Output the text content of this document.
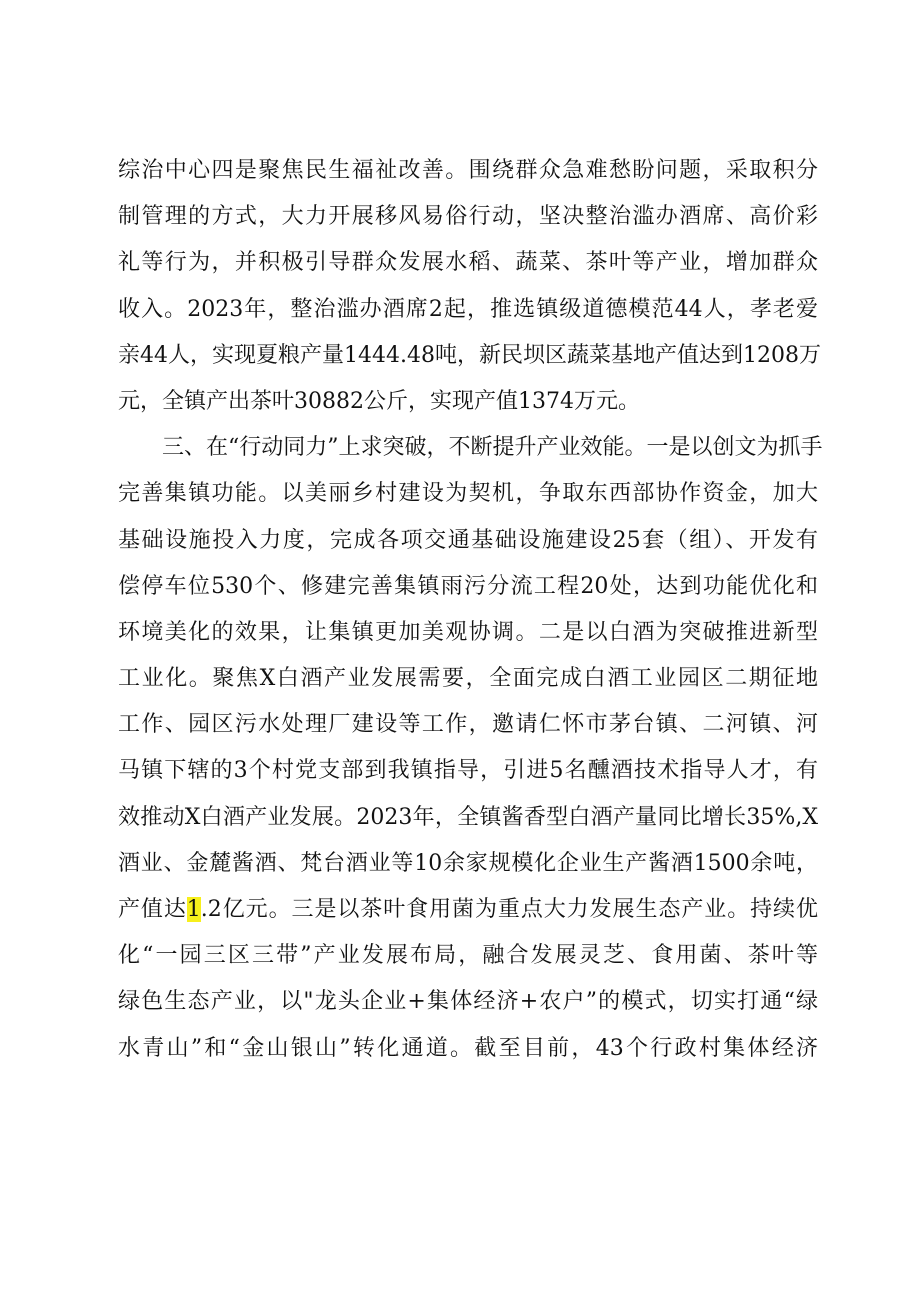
综治中心四是聚焦民生福祉改善。围绕群众急难愁盼问题，采取积分
制管理的方式，大力开展移风易俗行动，坚决整治滥办酒席、高价彩
礼等行为，并积极引导群众发展水稻、蔬菜、茶叶等产业，增加群众
收入。2023年，整治滥办酒席2起，推选镇级道德模范44人，孝老爱
亲44人，实现夏粮产量1444.48吨，新民坝区蔬菜基地产值达到1208万
元，全镇产出茶叶30882公斤，实现产值1374万元。
三、在“行动同力”上求突破，不断提升产业效能。一是以创文为抓手
完善集镇功能。以美丽乡村建设为契机，争取东西部协作资金，加大
基础设施投入力度，完成各项交通基础设施建设25套（组）、开发有
偿停车位530个、修建完善集镇雨污分流工程20处，达到功能优化和
环境美化的效果，让集镇更加美观协调。二是以白酒为突破推进新型
工业化。聚焦X白酒产业发展需要，全面完成白酒工业园区二期征地
工作、园区污水处理厂建设等工作，邀请仁怀市茅台镇、二河镇、河
马镇下辖的3个村党支部到我镇指导，引进5名醺酒技术指导人才，有
效推动X白酒产业发展。2023年，全镇酱香型白酒产量同比增长35%,X
酒业、金麓酱酒、梵台酒业等10余家规模化企业生产酱酒1500余吨，
产值达1.2亿元。三是以茶叶食用菌为重点大力发展生态产业。持续优
化“一园三区三带”产业发展布局，融合发展灵芝、食用菌、茶叶等
绿色生态产业，以"龙头企业+集体经济+农户”的模式，切实打通“绿
水青山”和“金山银山”转化通道。截至目前，43个行政村集体经济
